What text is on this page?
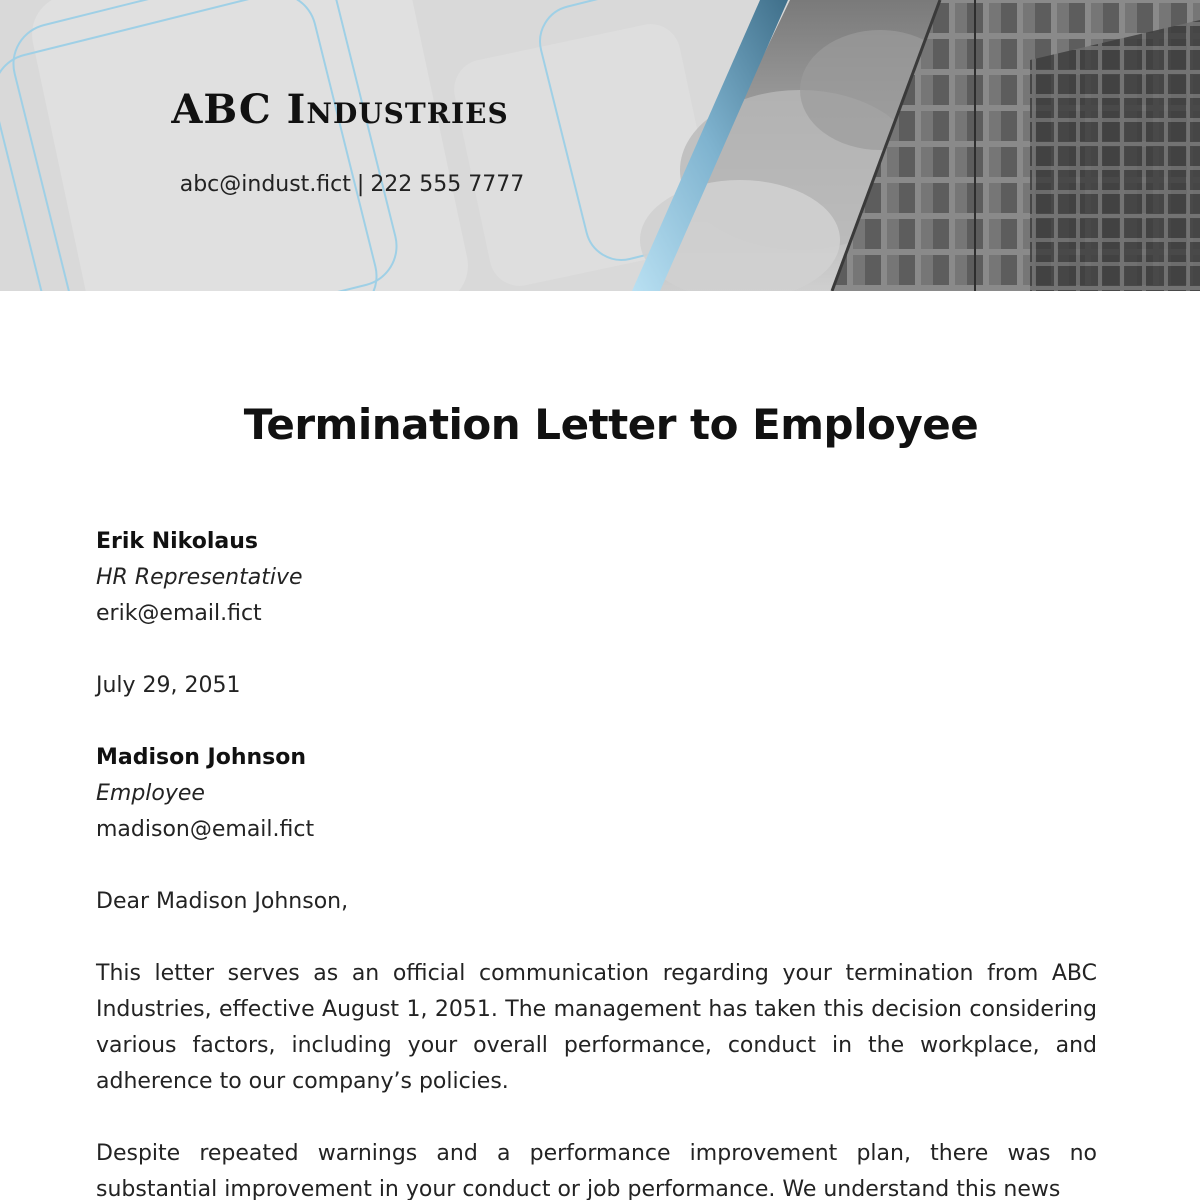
ABC Industries
abc@indust.fict | 222 555 7777
Termination Letter to Employee
Erik Nikolaus
HR Representative
erik@email.fict
July 29, 2051
Madison Johnson
Employee
madison@email.fict
Dear Madison Johnson,

This letter serves as an official communication regarding your termination from ABC Industries, effective August 1, 2051. The management has taken this decision considering various factors, including your overall performance, conduct in the workplace, and adherence to our company’s policies.

Despite repeated warnings and a performance improvement plan, there was no substantial improvement in your conduct or job performance. We understand this news
